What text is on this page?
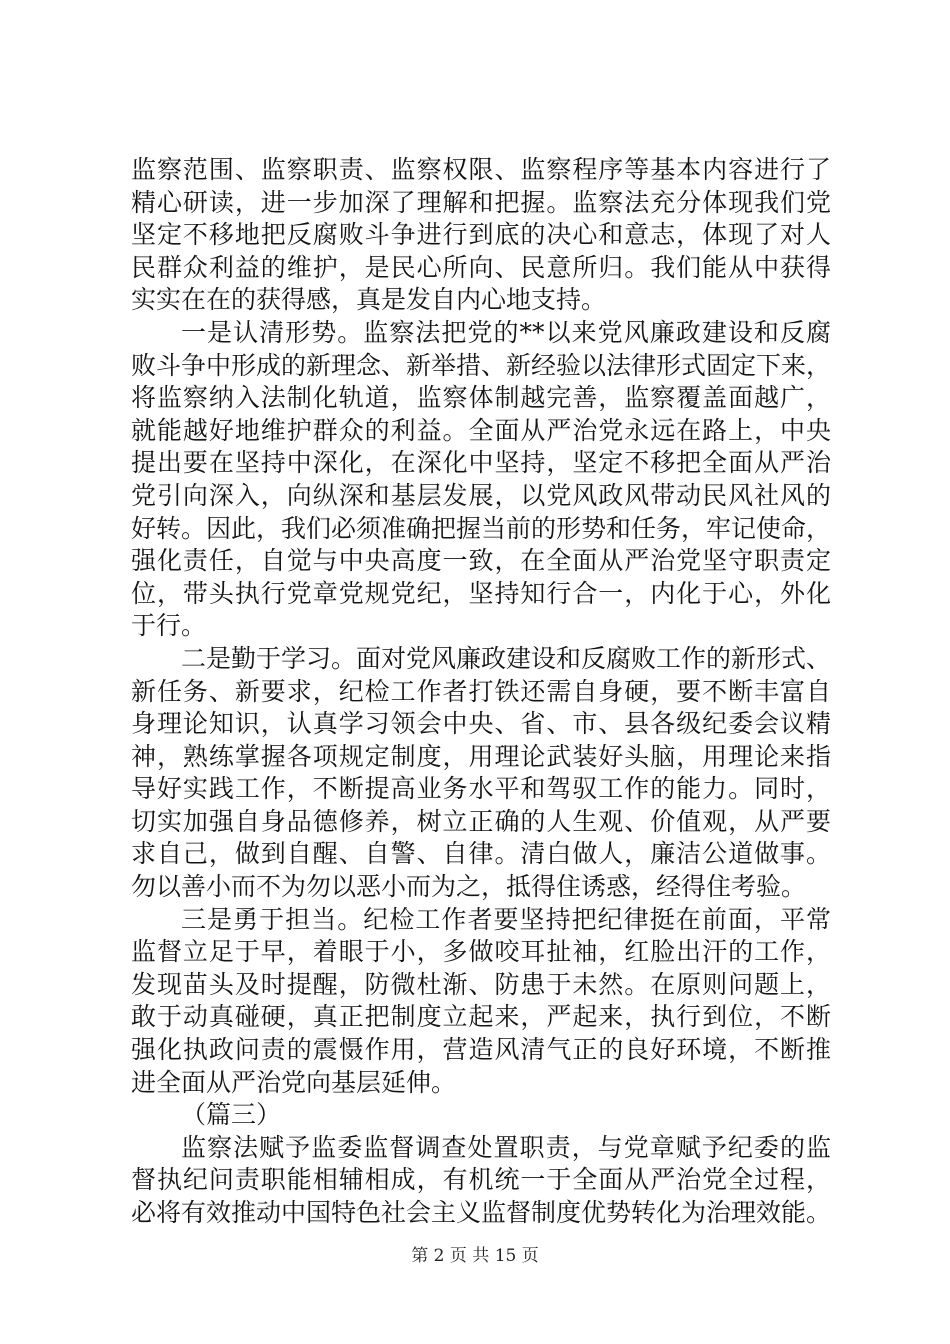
监察范围、监察职责、监察权限、监察程序等基本内容进行了
精心研读，进一步加深了理解和把握。监察法充分体现我们党
坚定不移地把反腐败斗争进行到底的决心和意志，体现了对人
民群众利益的维护，是民心所向、民意所归。我们能从中获得
实实在在的获得感，真是发自内心地支持。
一是认清形势。监察法把党的**以来党风廉政建设和反腐
败斗争中形成的新理念、新举措、新经验以法律形式固定下来，
将监察纳入法制化轨道，监察体制越完善，监察覆盖面越广，
就能越好地维护群众的利益。全面从严治党永远在路上，中央
提出要在坚持中深化，在深化中坚持，坚定不移把全面从严治
党引向深入，向纵深和基层发展，以党风政风带动民风社风的
好转。因此，我们必须准确把握当前的形势和任务，牢记使命，
强化责任，自觉与中央高度一致，在全面从严治党坚守职责定
位，带头执行党章党规党纪，坚持知行合一，内化于心，外化
于行。
二是勤于学习。面对党风廉政建设和反腐败工作的新形式、
新任务、新要求，纪检工作者打铁还需自身硬，要不断丰富自
身理论知识，认真学习领会中央、省、市、县各级纪委会议精
神，熟练掌握各项规定制度，用理论武装好头脑，用理论来指
导好实践工作，不断提高业务水平和驾驭工作的能力。同时，
切实加强自身品德修养，树立正确的人生观、价值观，从严要
求自己，做到自醒、自警、自律。清白做人，廉洁公道做事。
勿以善小而不为勿以恶小而为之，抵得住诱惑，经得住考验。
三是勇于担当。纪检工作者要坚持把纪律挺在前面，平常
监督立足于早，着眼于小，多做咬耳扯袖，红脸出汗的工作，
发现苗头及时提醒，防微杜渐、防患于未然。在原则问题上，
敢于动真碰硬，真正把制度立起来，严起来，执行到位，不断
强化执政问责的震慑作用，营造风清气正的良好环境，不断推
进全面从严治党向基层延伸。
（篇三）
监察法赋予监委监督调查处置职责，与党章赋予纪委的监
督执纪问责职能相辅相成，有机统一于全面从严治党全过程，
必将有效推动中国特色社会主义监督制度优势转化为治理效能。
第 2 页 共 15 页
